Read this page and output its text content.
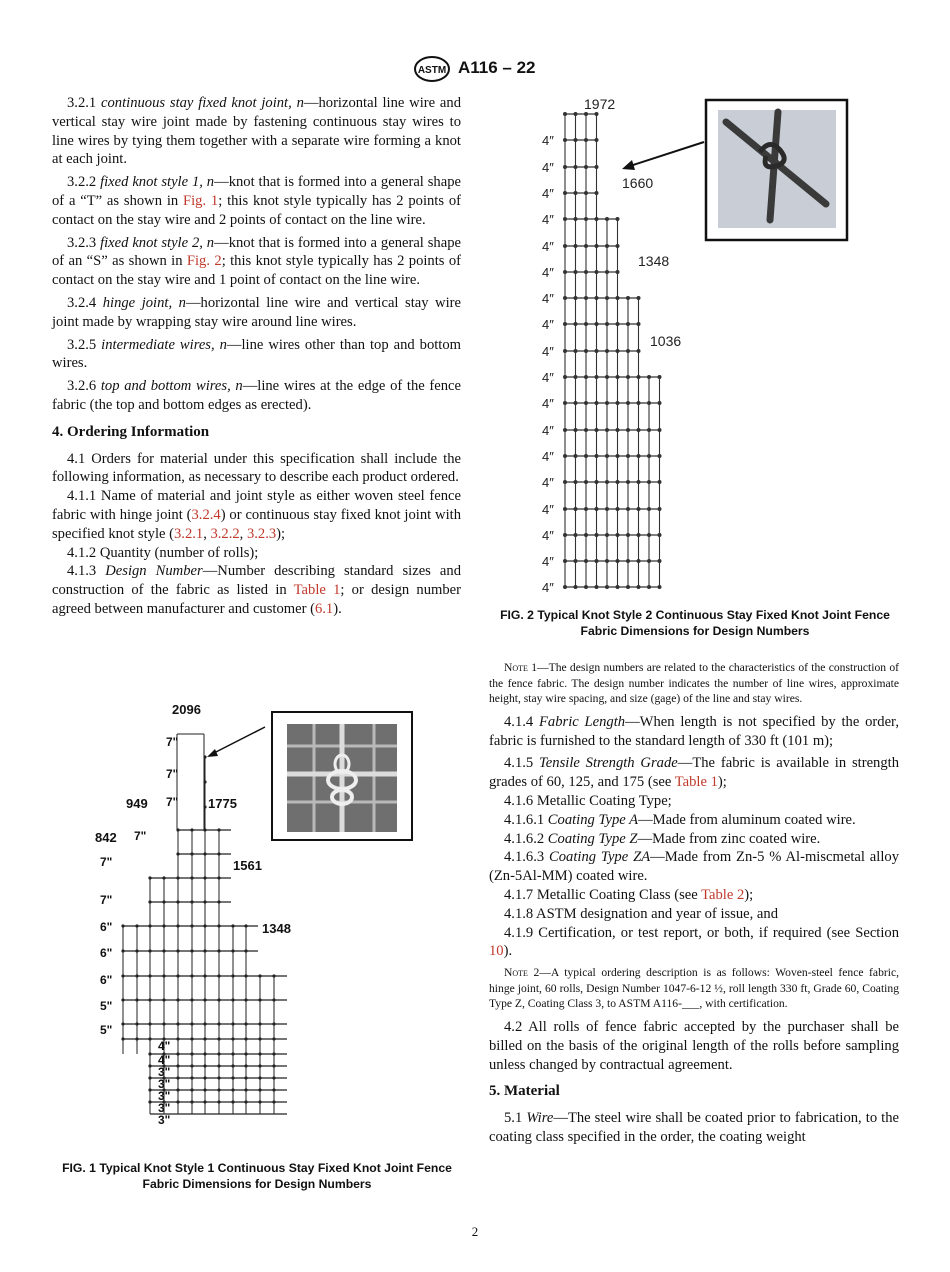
ASTM A116 – 22

3.2.1 continuous stay fixed knot joint, n—horizontal line wire and vertical stay wire joint made by fastening continuous stay wires to line wires by tying them together with a separate wire forming a knot at each joint.

3.2.2 fixed knot style 1, n—knot that is formed into a general shape of a “T” as shown in Fig. 1; this knot style typically has 2 points of contact on the stay wire and 2 points of contact on the line wire.

3.2.3 fixed knot style 2, n—knot that is formed into a general shape of an “S” as shown in Fig. 2; this knot style typically has 2 points of contact on the stay wire and 1 point of contact on the line wire.

3.2.4 hinge joint, n—horizontal line wire and vertical stay wire joint made by wrapping stay wire around line wires.

3.2.5 intermediate wires, n—line wires other than top and bottom wires.

3.2.6 top and bottom wires, n—line wires at the edge of the fence fabric (the top and bottom edges as erected).

4. Ordering Information

4.1 Orders for material under this specification shall include the following information, as necessary to describe each product ordered.

4.1.1 Name of material and joint style as either woven steel fence fabric with hinge joint (3.2.4) or continuous stay fixed knot joint with specified knot style (3.2.1, 3.2.2, 3.2.3);

4.1.2 Quantity (number of rolls);

4.1.3 Design Number—Number describing standard sizes and construction of the fabric as listed in Table 1; or design number agreed between manufacturer and customer (6.1).

7"
7"
7"
7"
7"
7"
6"
6"
6"
5"
5"
4"
4"
3"
3"
3"
3"
3"
2096
1775
949
842
1561
1348
FIG. 1 Typical Knot Style 1 Continuous Stay Fixed Knot Joint Fence Fabric Dimensions for Design Numbers
4″
4″
4″
4″
4″
4″
4″
4″
4″
4″
4″
4″
4″
4″
4″
4″
4″
4″
1972
1660
1348
1036
FIG. 2 Typical Knot Style 2 Continuous Stay Fixed Knot Joint Fence Fabric Dimensions for Design Numbers
Note 1—The design numbers are related to the characteristics of the construction of the fence fabric. The design number indicates the number of line wires, approximate height, stay wire spacing, and size (gage) of the line and stay wires.

4.1.4 Fabric Length—When length is not specified by the order, fabric is furnished to the standard length of 330 ft (101 m);

4.1.5 Tensile Strength Grade—The fabric is available in strength grades of 60, 125, and 175 (see Table 1);

4.1.6 Metallic Coating Type;

4.1.6.1 Coating Type A—Made from aluminum coated wire.

4.1.6.2 Coating Type Z—Made from zinc coated wire.

4.1.6.3 Coating Type ZA—Made from Zn-5 % Al-miscmetal alloy (Zn-5Al-MM) coated wire.

4.1.7 Metallic Coating Class (see Table 2);

4.1.8 ASTM designation and year of issue, and

4.1.9 Certification, or test report, or both, if required (see Section 10).

Note 2—A typical ordering description is as follows: Woven-steel fence fabric, hinge joint, 60 rolls, Design Number 1047-6-12 ½, roll length 330 ft, Grade 60, Coating Type Z, Coating Class 3, to ASTM A116-___, with certification.

4.2 All rolls of fence fabric accepted by the purchaser shall be billed on the basis of the original length of the rolls before sampling unless changed by contractual agreement.

5. Material

5.1 Wire—The steel wire shall be coated prior to fabrication, to the coating class specified in the order, the coating weight

2
